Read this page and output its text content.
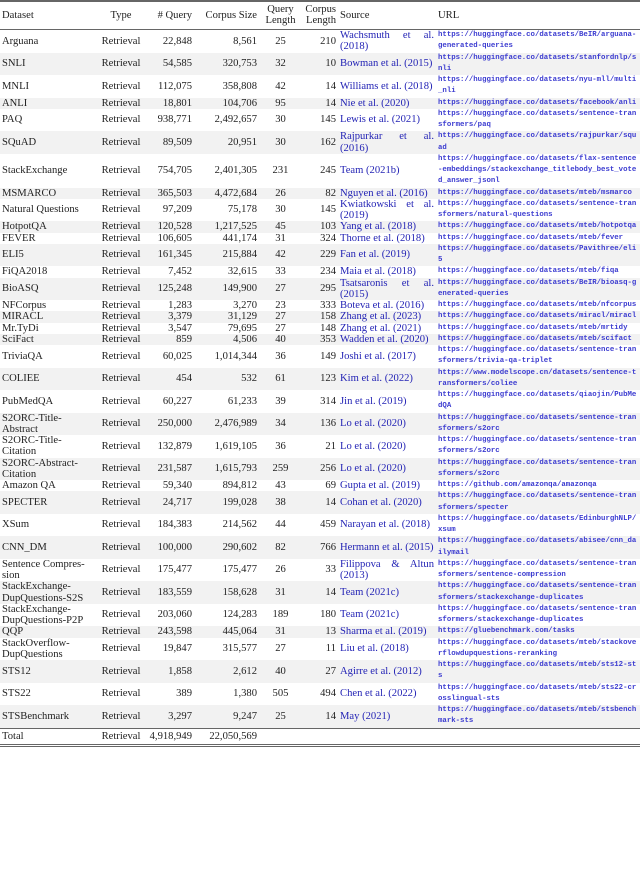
Dataset	Type	# Query	Corpus Size	Query Length	Corpus Length	Source	URL
Arguana	Retrieval	22,848	8,561	25	210	Wachsmuth et al. (2018)	https://huggingface.co/datasets/BeIR/arguana-generated-queries
SNLI	Retrieval	54,585	320,753	32	10	Bowman et al. (2015)	https://huggingface.co/datasets/stanfordnlp/snli
MNLI	Retrieval	112,075	358,808	42	14	Williams et al. (2018)	https://huggingface.co/datasets/nyu-mll/multi_nli
ANLI	Retrieval	18,801	104,706	95	14	Nie et al. (2020)	https://huggingface.co/datasets/facebook/anli
PAQ	Retrieval	938,771	2,492,657	30	145	Lewis et al. (2021)	https://huggingface.co/datasets/sentence-transformers/paq
SQuAD	Retrieval	89,509	20,951	30	162	Rajpurkar et al. (2016)	https://huggingface.co/datasets/rajpurkar/squad
StackExchange	Retrieval	754,705	2,401,305	231	245	Team (2021b)	https://huggingface.co/datasets/flax-sentence-embeddings/stackexchange_titlebody_best_voted_answer_jsonl
MSMARCO	Retrieval	365,503	4,472,684	26	82	Nguyen et al. (2016)	https://huggingface.co/datasets/mteb/msmarco
Natural Questions	Retrieval	97,209	75,178	30	145	Kwiatkowski et al. (2019)	https://huggingface.co/datasets/sentence-transformers/natural-questions
HotpotQA	Retrieval	120,528	1,217,525	45	103	Yang et al. (2018)	https://huggingface.co/datasets/mteb/hotpotqa
FEVER	Retrieval	106,605	441,174	31	324	Thorne et al. (2018)	https://huggingface.co/datasets/mteb/fever
ELI5	Retrieval	161,345	215,884	42	229	Fan et al. (2019)	https://huggingface.co/datasets/Pavithree/eli5
FiQA2018	Retrieval	7,452	32,615	33	234	Maia et al. (2018)	https://huggingface.co/datasets/mteb/fiqa
BioASQ	Retrieval	125,248	149,900	27	295	Tsatsaronis et al. (2015)	https://huggingface.co/datasets/BeIR/bioasq-generated-queries
NFCorpus	Retrieval	1,283	3,270	23	333	Boteva et al. (2016)	https://huggingface.co/datasets/mteb/nfcorpus
MIRACL	Retrieval	3,379	31,129	27	158	Zhang et al. (2023)	https://huggingface.co/datasets/miracl/miracl
Mr.TyDi	Retrieval	3,547	79,695	27	148	Zhang et al. (2021)	https://huggingface.co/datasets/mteb/mrtidy
SciFact	Retrieval	859	4,506	40	353	Wadden et al. (2020)	https://huggingface.co/datasets/mteb/scifact
TriviaQA	Retrieval	60,025	1,014,344	36	149	Joshi et al. (2017)	https://huggingface.co/datasets/sentence-transformers/trivia-qa-triplet
COLIEE	Retrieval	454	532	61	123	Kim et al. (2022)	https://www.modelscope.cn/datasets/sentence-transformers/coliee
PubMedQA	Retrieval	60,227	61,233	39	314	Jin et al. (2019)	https://huggingface.co/datasets/qiaojin/PubMedQA
S2ORC-Title-Abstract	Retrieval	250,000	2,476,989	34	136	Lo et al. (2020)	https://huggingface.co/datasets/sentence-transformers/s2orc
S2ORC-Title-Citation	Retrieval	132,879	1,619,105	36	21	Lo et al. (2020)	https://huggingface.co/datasets/sentence-transformers/s2orc
S2ORC-Abstract-Citation	Retrieval	231,587	1,615,793	259	256	Lo et al. (2020)	https://huggingface.co/datasets/sentence-transformers/s2orc
Amazon QA	Retrieval	59,340	894,812	43	69	Gupta et al. (2019)	https://github.com/amazonqa/amazonqa
SPECTER	Retrieval	24,717	199,028	38	14	Cohan et al. (2020)	https://huggingface.co/datasets/sentence-transformers/specter
XSum	Retrieval	184,383	214,562	44	459	Narayan et al. (2018)	https://huggingface.co/datasets/EdinburghNLP/xsum
CNN_DM	Retrieval	100,000	290,602	82	766	Hermann et al. (2015)	https://huggingface.co/datasets/abisee/cnn_dailymail
Sentence Compres- sion	Retrieval	175,477	175,477	26	33	Filippova & Altun (2013)	https://huggingface.co/datasets/sentence-transformers/sentence-compression
StackExchange-DupQuestions-S2S	Retrieval	183,559	158,628	31	14	Team (2021c)	https://huggingface.co/datasets/sentence-transformers/stackexchange-duplicates
StackExchange-DupQuestions-P2P	Retrieval	203,060	124,283	189	180	Team (2021c)	https://huggingface.co/datasets/sentence-transformers/stackexchange-duplicates
QQP	Retrieval	243,598	445,064	31	13	Sharma et al. (2019)	https://gluebenchmark.com/tasks
StackOverflow-DupQuestions	Retrieval	19,847	315,577	27	11	Liu et al. (2018)	https://huggingface.co/datasets/mteb/stackoverflowdupquestions-reranking
STS12	Retrieval	1,858	2,612	40	27	Agirre et al. (2012)	https://huggingface.co/datasets/mteb/sts12-sts
STS22	Retrieval	389	1,380	505	494	Chen et al. (2022)	https://huggingface.co/datasets/mteb/sts22-crosslingual-sts
STSBenchmark	Retrieval	3,297	9,247	25	14	May (2021)	https://huggingface.co/datasets/mteb/stsbenchmark-sts
Total	Retrieval	4,918,949	22,050,569				
